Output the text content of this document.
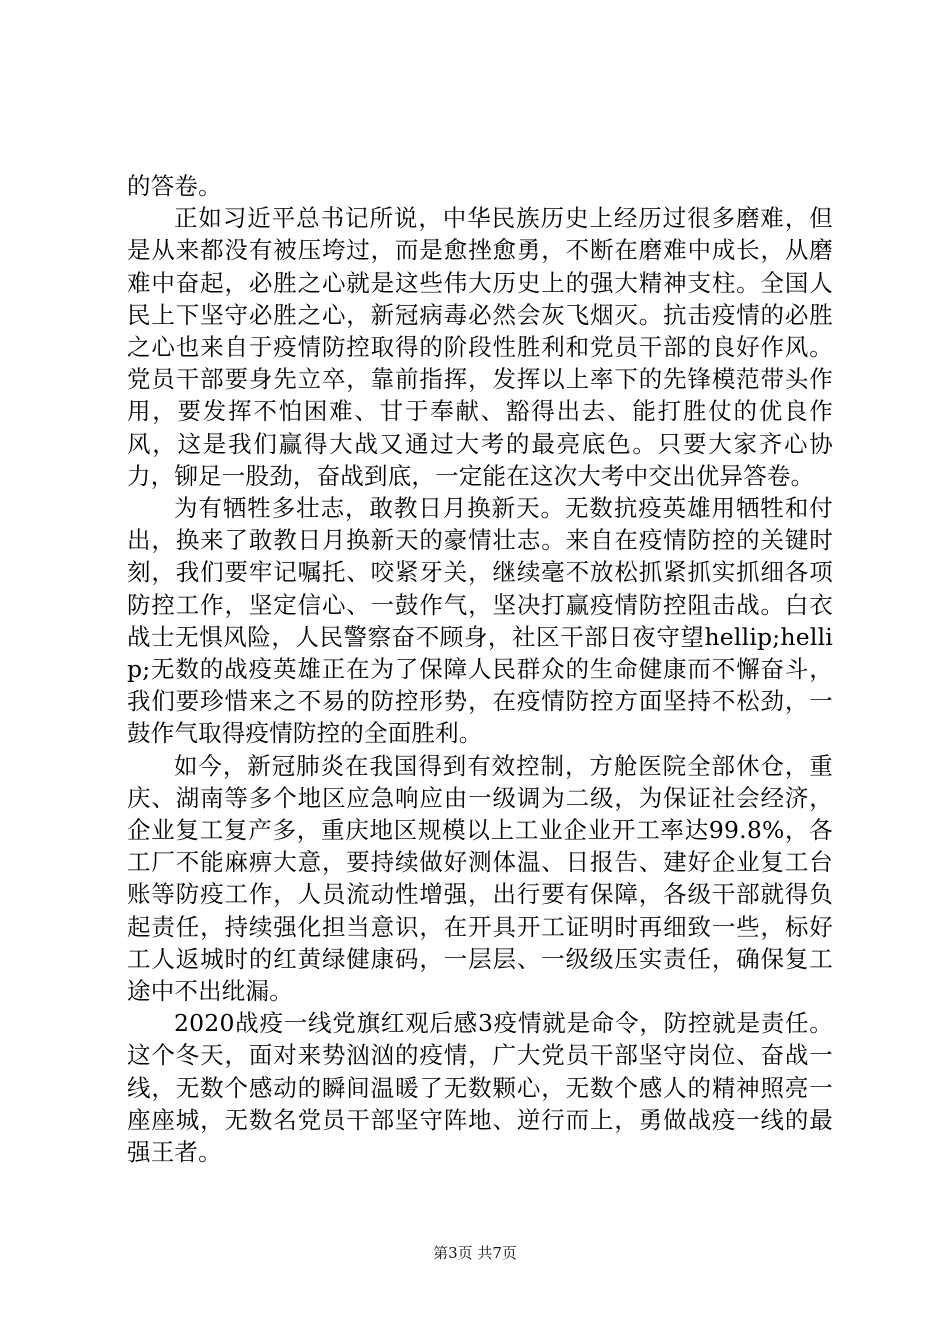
的答卷。

正如习近平总书记所说，中华民族历史上经历过很多磨难，但是从来都没有被压垮过，而是愈挫愈勇，不断在磨难中成长，从磨难中奋起，必胜之心就是这些伟大历史上的强大精神支柱。全国人民上下坚守必胜之心，新冠病毒必然会灰飞烟灭。抗击疫情的必胜之心也来自于疫情防控取得的阶段性胜利和党员干部的良好作风。党员干部要身先立卒，靠前指挥，发挥以上率下的先锋模范带头作用，要发挥不怕困难、甘于奉献、豁得出去、能打胜仗的优良作风，这是我们赢得大战又通过大考的最亮底色。只要大家齐心协力，铆足一股劲，奋战到底，一定能在这次大考中交出优异答卷。

为有牺牲多壮志，敢教日月换新天。无数抗疫英雄用牺牲和付出，换来了敢教日月换新天的豪情壮志。来自在疫情防控的关键时刻，我们要牢记嘱托、咬紧牙关，继续毫不放松抓紧抓实抓细各项防控工作，坚定信心、一鼓作气，坚决打赢疫情防控阻击战。白衣战士无惧风险，人民警察奋不顾身，社区干部日夜守望hellip;hellip;无数的战疫英雄正在为了保障人民群众的生命健康而不懈奋斗，我们要珍惜来之不易的防控形势，在疫情防控方面坚持不松劲，一鼓作气取得疫情防控的全面胜利。

如今，新冠肺炎在我国得到有效控制，方舱医院全部休仓，重庆、湖南等多个地区应急响应由一级调为二级，为保证社会经济，企业复工复产多，重庆地区规模以上工业企业开工率达99.8%，各工厂不能麻痹大意，要持续做好测体温、日报告、建好企业复工台账等防疫工作，人员流动性增强，出行要有保障，各级干部就得负起责任，持续强化担当意识，在开具开工证明时再细致一些，标好工人返城时的红黄绿健康码，一层层、一级级压实责任，确保复工途中不出纰漏。

2020战疫一线党旗红观后感3疫情就是命令，防控就是责任。这个冬天，面对来势汹汹的疫情，广大党员干部坚守岗位、奋战一线，无数个感动的瞬间温暖了无数颗心，无数个感人的精神照亮一座座城，无数名党员干部坚守阵地、逆行而上，勇做战疫一线的最强王者。

第3页 共7页
